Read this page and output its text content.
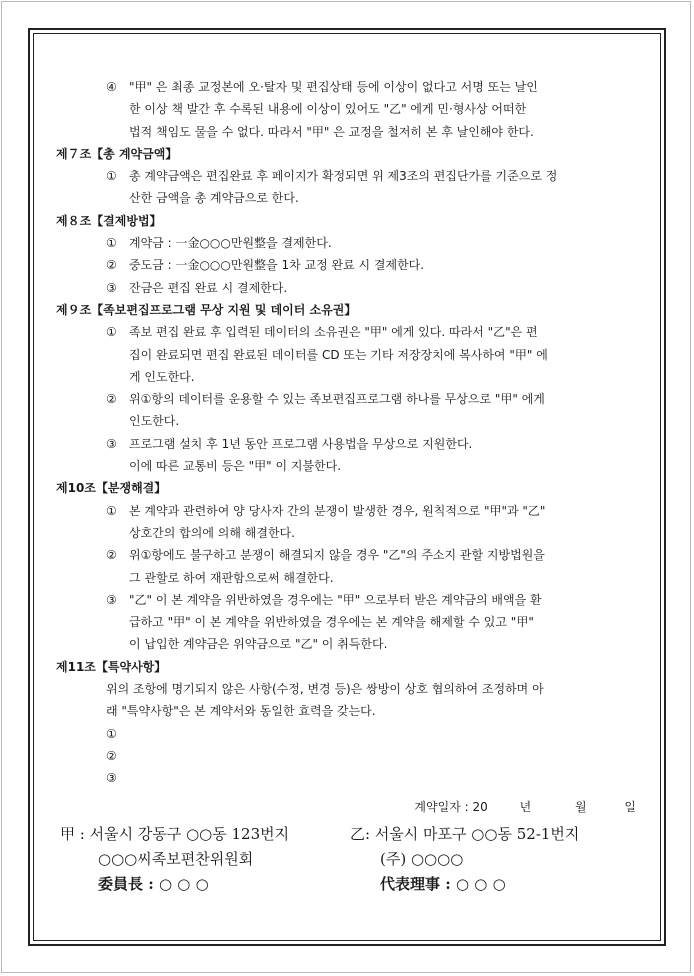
④	"甲" 은 최종 교정본에 오·탈자 및 편집상태 등에 이상이 없다고 서명 또는 날인
한 이상 책 발간 후 수록된 내용에 이상이 있어도 "乙" 에게 민·형사상 어떠한
법적 책임도 물을 수 없다. 따라서 "甲" 은 교정을 철저히 본 후 날인해야 한다.
제７조【총 계약금액】
①	총 계약금액은 편집완료 후 페이지가 확정되면 위 제3조의 편집단가를 기준으로 정
산한 금액을 총 계약금으로 한다.
제８조【결제방법】
①	계약금 : 一金○○○만원整을 결제한다.
②	중도금 : 一金○○○만원整을 1차 교정 완료 시 결제한다.
③	잔금은 편집 완료 시 결제한다.
제９조【족보편집프로그램 무상 지원 및 데이터 소유권】
①	족보 편집 완료 후 입력된 데이터의 소유권은 "甲" 에게 있다. 따라서 "乙"은 편
집이 완료되면 편집 완료된 데이터를 CD 또는 기타 저장장치에 복사하여 "甲" 에
게 인도한다.
②	위①항의 데이터를 운용할 수 있는 족보편집프로그램 하나를 무상으로 "甲" 에게
인도한다.
③	프로그램 설치 후 1년 동안 프로그램 사용법을 무상으로 지원한다.
이에 따른 교통비 등은 "甲" 이 지불한다.
제10조【분쟁해결】
①	본 계약과 관련하여 양 당사자 간의 분쟁이 발생한 경우, 원칙적으로 "甲"과 "乙"
상호간의 합의에 의해 해결한다.
②	위①항에도 불구하고 분쟁이 해결되지 않을 경우 "乙"의 주소지 관할 지방법원을
그 관할로 하여 재판함으로써 해결한다.
③	"乙" 이 본 계약을 위반하였을 경우에는 "甲" 으로부터 받은 계약금의 배액을 환
급하고 "甲" 이 본 계약을 위반하였을 경우에는 본 계약을 해제할 수 있고 "甲"
이 납입한 계약금은 위약금으로 "乙" 이 취득한다.
제11조【특약사항】
위의 조항에 명기되지 않은 사항(수정, 변경 등)은 쌍방이 상호 협의하여 조정하며 아
래 "특약사항"은 본 계약서와 동일한 효력을 갖는다.
①
②
③
계약일자 : 20	년	월	일
甲 : 서울시 강동구 ○○동 123번지	乙: 서울시 마포구 ○○동 52-1번지
○○○씨족보편찬위원회	(주) ○○○○
委員長 : ○ ○ ○	代表理事 : ○ ○ ○
